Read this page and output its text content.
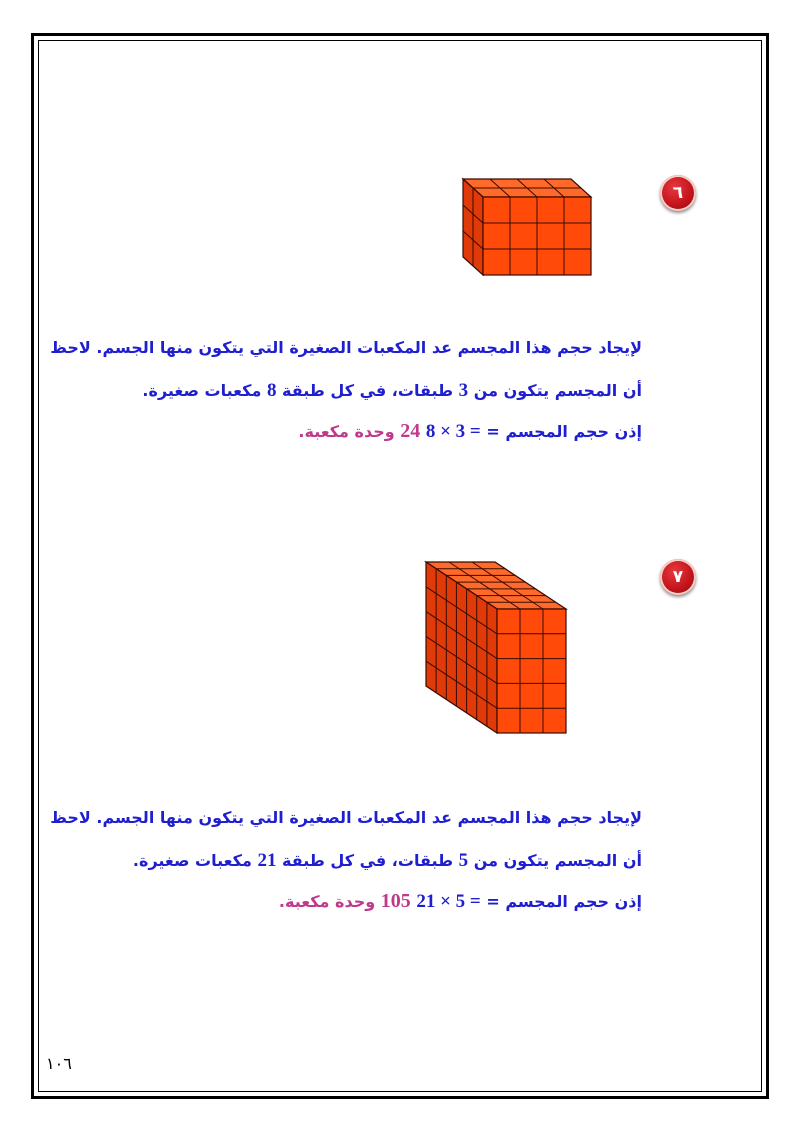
٦
لإيجاد حجم هذا المجسم عد المكعبات الصغيرة التي يتكون منها الجسم. لاحظ
أن المجسم يتكون من 3 طبقات، في كل طبقة 8 مكعبات صغيرة.
إذن حجم المجسم = 8 × 3 = 24 وحدة مكعبة.
٧
لإيجاد حجم هذا المجسم عد المكعبات الصغيرة التي يتكون منها الجسم. لاحظ
أن المجسم يتكون من 5 طبقات، في كل طبقة 21 مكعبات صغيرة.
إذن حجم المجسم = 21 × 5 = 105 وحدة مكعبة.
١٠٦
